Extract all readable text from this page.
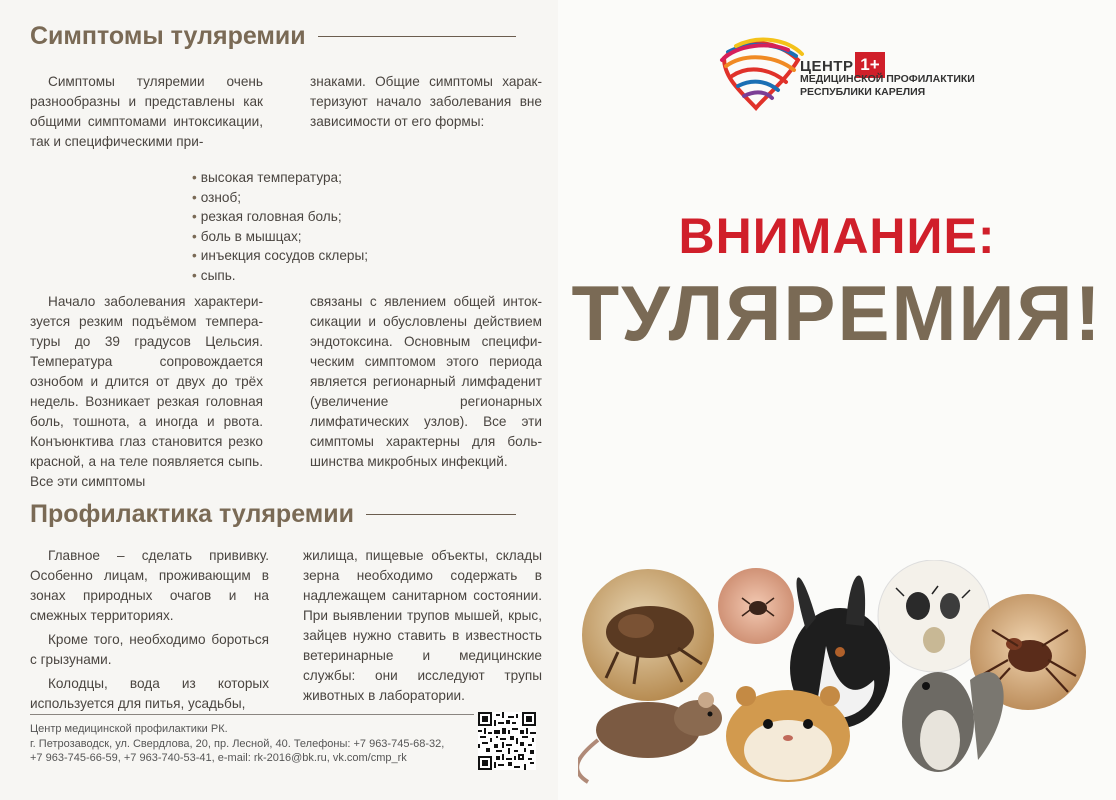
Симптомы туляремии

Симптомы туляремии очень разнообразны и представлены как общими симптомами интоксикации, так и специфическими при-

знаками. Общие симптомы характеризуют начало заболевания вне зависимости от его формы:

• высокая температура;
• озноб;
• резкая головная боль;
• боль в мышцах;
• инъекция сосудов склеры;
• сыпь.

Начало заболевания характеризуется резким подъёмом температуры до 39 градусов Цельсия. Температура сопровождается ознобом и длится от двух до трёх недель. Возникает резкая головная боль, тошнота, а иногда и рвота. Конъюнктива глаз становится резко красной, а на теле появляется сыпь. Все эти симптомы

связаны с явлением общей интоксикации и обусловлены действием эндотоксина. Основным специфическим симптомом этого периода является регионарный лимфаденит (увеличение регионарных лимфатических узлов). Все эти симптомы характерны для большинства микробных инфекций.

Профилактика туляремии

Главное – сделать прививку. Особенно лицам, проживающим в зонах природных очагов и на смежных территориях.

Кроме того, необходимо бороться с грызунами.

Колодцы, вода из которых используется для питья, усадьбы,

жилища, пищевые объекты, склады зерна необходимо содержать в надлежащем санитарном состоянии. При выявлении трупов мышей, крыс, зайцев нужно ставить в известность ветеринарные и медицинские службы: они исследуют трупы животных в лаборатории.

Центр медицинской профилактики РК.
г. Петрозаводск, ул. Свердлова, 20, пр. Лесной, 40. Телефоны: +7 963-745-68-32,
+7 963-745-66-59, +7 963-740-53-41, e-mail: rk-2016@bk.ru, vk.com/cmp_rk
1+
ЦЕНТР
МЕДИЦИНСКОЙ ПРОФИЛАКТИКИ
РЕСПУБЛИКИ КАРЕЛИЯ
ВНИМАНИЕ:
ТУЛЯРЕМИЯ!
